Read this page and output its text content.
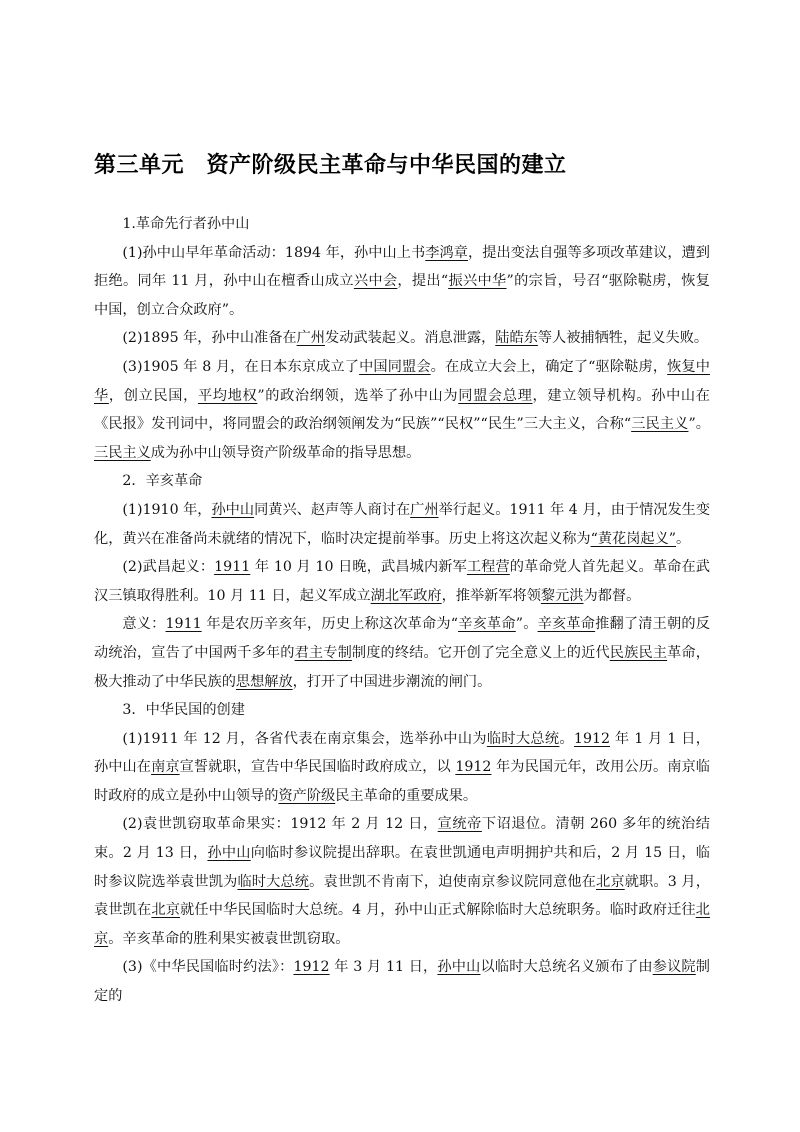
第三单元　资产阶级民主革命与中华民国的建立

1.革命先行者孙中山

(1)孙中山早年革命活动：1894 年，孙中山上书李鸿章，提出变法自强等多项改革建议，遭到拒绝。同年 11 月，孙中山在檀香山成立兴中会，提出“振兴中华”的宗旨，号召“驱除鞑虏，恢复中国，创立合众政府”。

(2)1895 年，孙中山准备在广州发动武装起义。消息泄露，陆皓东等人被捕牺牲，起义失败。

(3)1905 年 8 月，在日本东京成立了中国同盟会。在成立大会上，确定了“驱除鞑虏，恢复中华，创立民国，平均地权”的政治纲领，选举了孙中山为同盟会总理，建立领导机构。孙中山在《民报》发刊词中，将同盟会的政治纲领阐发为“民族”“民权”“民生”三大主义，合称“三民主义”。三民主义成为孙中山领导资产阶级革命的指导思想。

2．辛亥革命

(1)1910 年，孙中山同黄兴、赵声等人商讨在广州举行起义。1911 年 4 月，由于情况发生变化，黄兴在准备尚未就绪的情况下，临时决定提前举事。历史上将这次起义称为“黄花岗起义”。

(2)武昌起义：1911 年 10 月 10 日晚，武昌城内新军工程营的革命党人首先起义。革命在武汉三镇取得胜利。10 月 11 日，起义军成立湖北军政府，推举新军将领黎元洪为都督。

意义：1911 年是农历辛亥年，历史上称这次革命为“辛亥革命”。辛亥革命推翻了清王朝的反动统治，宣告了中国两千多年的君主专制制度的终结。它开创了完全意义上的近代民族民主革命，极大推动了中华民族的思想解放，打开了中国进步潮流的闸门。

3．中华民国的创建

(1)1911 年 12 月，各省代表在南京集会，选举孙中山为临时大总统。1912 年 1 月 1 日，孙中山在南京宣誓就职，宣告中华民国临时政府成立，以 1912 年为民国元年，改用公历。南京临时政府的成立是孙中山领导的资产阶级民主革命的重要成果。

(2)袁世凯窃取革命果实：1912 年 2 月 12 日，宣统帝下诏退位。清朝 260 多年的统治结束。2 月 13 日，孙中山向临时参议院提出辞职。在袁世凯通电声明拥护共和后，2 月 15 日，临时参议院选举袁世凯为临时大总统。袁世凯不肯南下，迫使南京参议院同意他在北京就职。3 月，袁世凯在北京就任中华民国临时大总统。4 月，孙中山正式解除临时大总统职务。临时政府迁往北京。辛亥革命的胜利果实被袁世凯窃取。

(3)《中华民国临时约法》：1912 年 3 月 11 日，孙中山以临时大总统名义颁布了由参议院制定的
